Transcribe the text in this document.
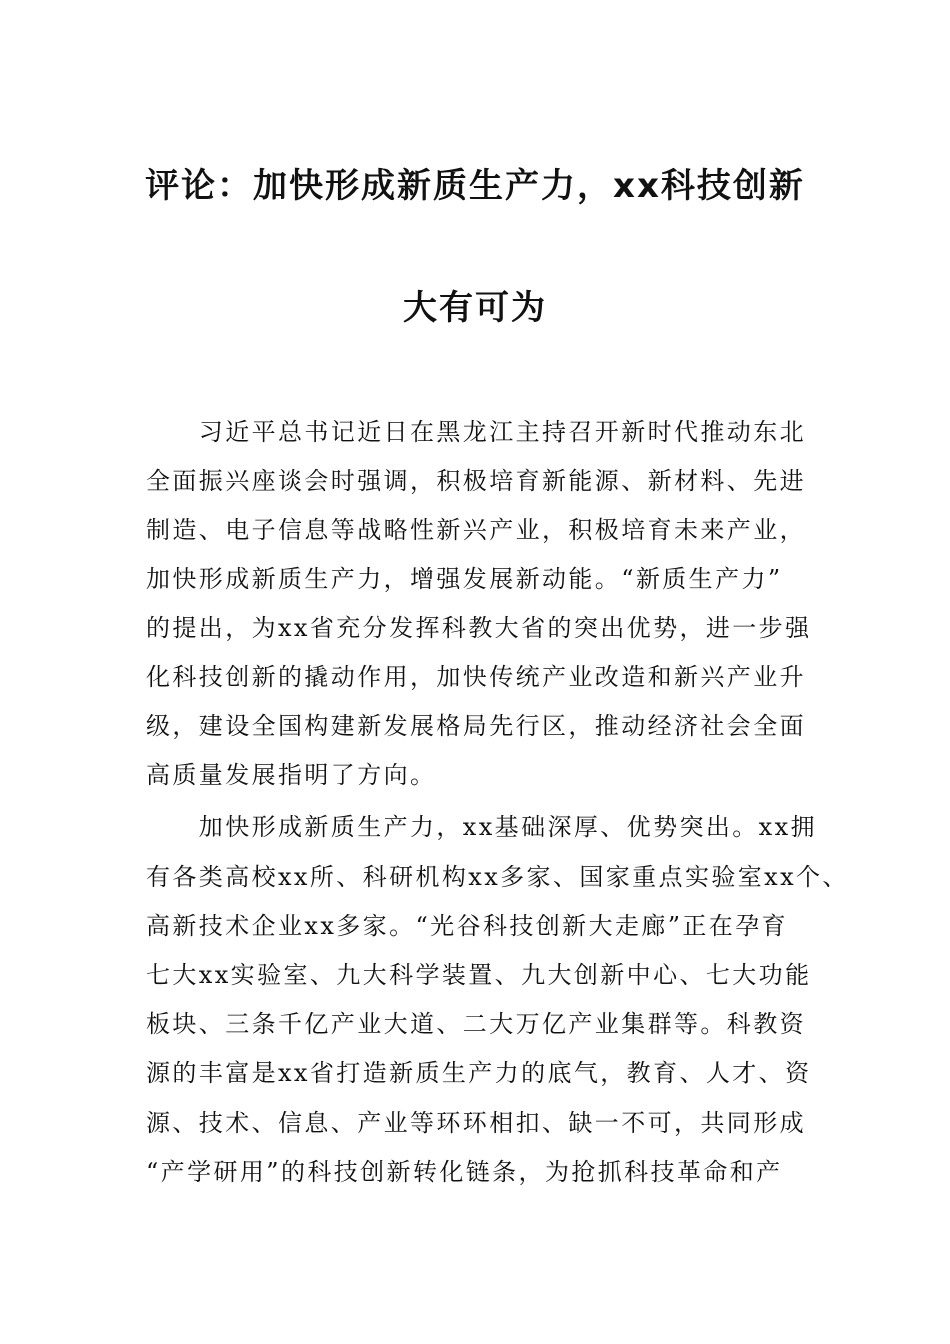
评论：加快形成新质生产力，xx科技创新
大有可为
　　习近平总书记近日在黑龙江主持召开新时代推动东北
全面振兴座谈会时强调，积极培育新能源、新材料、先进
制造、电子信息等战略性新兴产业，积极培育未来产业，
加快形成新质生产力，增强发展新动能。“新质生产力”
的提出，为xx省充分发挥科教大省的突出优势，进一步强
化科技创新的撬动作用，加快传统产业改造和新兴产业升
级，建设全国构建新发展格局先行区，推动经济社会全面
高质量发展指明了方向。
　　加快形成新质生产力，xx基础深厚、优势突出。xx拥
有各类高校xx所、科研机构xx多家、国家重点实验室xx个、
高新技术企业xx多家。“光谷科技创新大走廊”正在孕育
七大xx实验室、九大科学装置、九大创新中心、七大功能
板块、三条千亿产业大道、二大万亿产业集群等。科教资
源的丰富是xx省打造新质生产力的底气，教育、人才、资
源、技术、信息、产业等环环相扣、缺一不可，共同形成
“产学研用”的科技创新转化链条，为抢抓科技革命和产
